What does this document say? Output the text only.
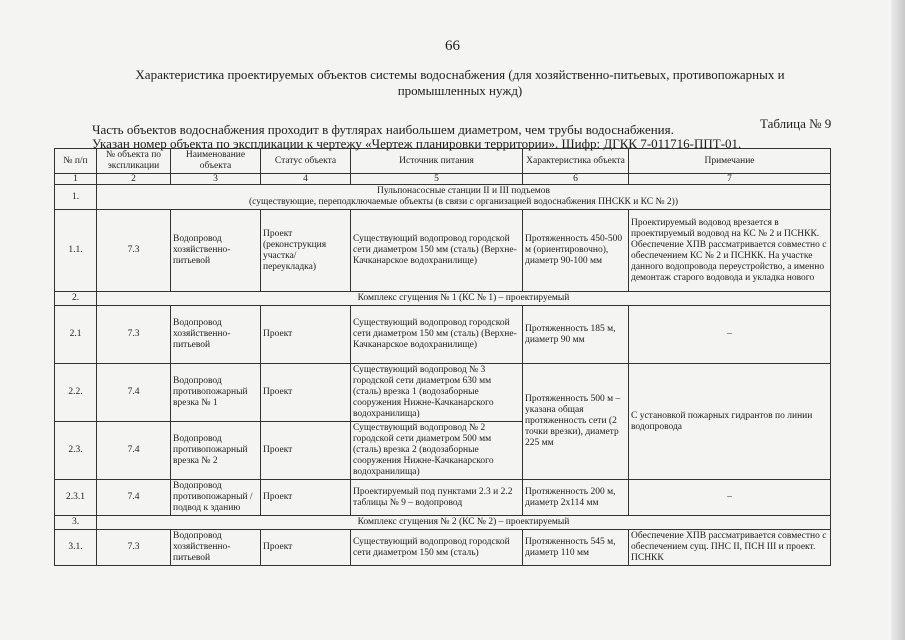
66
Характеристика проектируемых объектов системы водоснабжения (для хозяйственно-питьевых, противопожарных и промышленных нужд)
Таблица № 9
Часть объектов водоснабжения проходит в футлярах наибольшем диаметром, чем трубы водоснабжения.
Указан номер объекта по экспликации к чертежу «Чертеж планировки территории». Шифр: ДГКК 7-011716-ППТ-01.
№ п/п	№ объекта по экспликации	Наименование объекта	Статус объекта	Источник питания	Характеристика объекта	Примечание
1	2	3	4	5	6	7
1.	Пульпонасосные станции II и III подъемов
(существующие, переподключаемые объекты (в связи с организацией водоснабжения ПНСКК и КС № 2))					

1.1.	7.3	Водопровод хозяйственно-питьевой	Проект (реконструкция участка/ переукладка)	Существующий водопровод городской сети диаметром 150 мм (сталь) (Верхне-Качканарское водохранилище)	Протяженность 450-500 м (ориентировочно), диаметр 90-100 мм	Проектируемый водовод врезается в проектируемый водовод на КС № 2 и ПСНКК. Обеспечение ХПВ рассматривается совместно с обеспечением КС № 2 и ПСНКК. На участке данного водопровода переустройство, а именно демонтаж старого водовода и укладка нового
2.	Комплекс сгущения № 1 (КС № 1) – проектируемый					
2.1	7.3	Водопровод хозяйственно-питьевой	Проект	Существующий водопровод городской сети диаметром 150 мм (сталь) (Верхне-Качканарское водохранилище)	Протяженность 185 м, диаметр 90 мм	–
2.2.	7.4	Водопровод противопожарный врезка № 1	Проект	Существующий водопровод № 3 городской сети диаметром 630 мм (сталь) врезка 1 (водозаборные сооружения Нижне-Качканарского водохранилища)	Протяженность 500 м – указана общая протяженность сети (2 точки врезки), диаметр 225 мм	С установкой пожарных гидрантов по линии водопровода
2.3.	7.4	Водопровод противопожарный врезка № 2	Проект	Существующий водопровод № 2 городской сети диаметром 500 мм (сталь) врезка 2 (водозаборные сооружения Нижне-Качканарского водохранилища)		
2.3.1	7.4	Водопровод противопожарный / подвод к зданию	Проект	Проектируемый под пунктами 2.3 и 2.2 таблицы № 9 – водопровод	Протяженность 200 м, диаметр 2х114 мм	–
3.	Комплекс сгущения № 2 (КС № 2) – проектируемый					
3.1.	7.3	Водопровод хозяйственно-питьевой	Проект	Существующий водопровод городской сети диаметром 150 мм (сталь)	Протяженность 545 м, диаметр 110 мм	Обеспечение ХПВ рассматривается совместно с обеспечением сущ. ПНС II, ПСН III и проект. ПСНКК
